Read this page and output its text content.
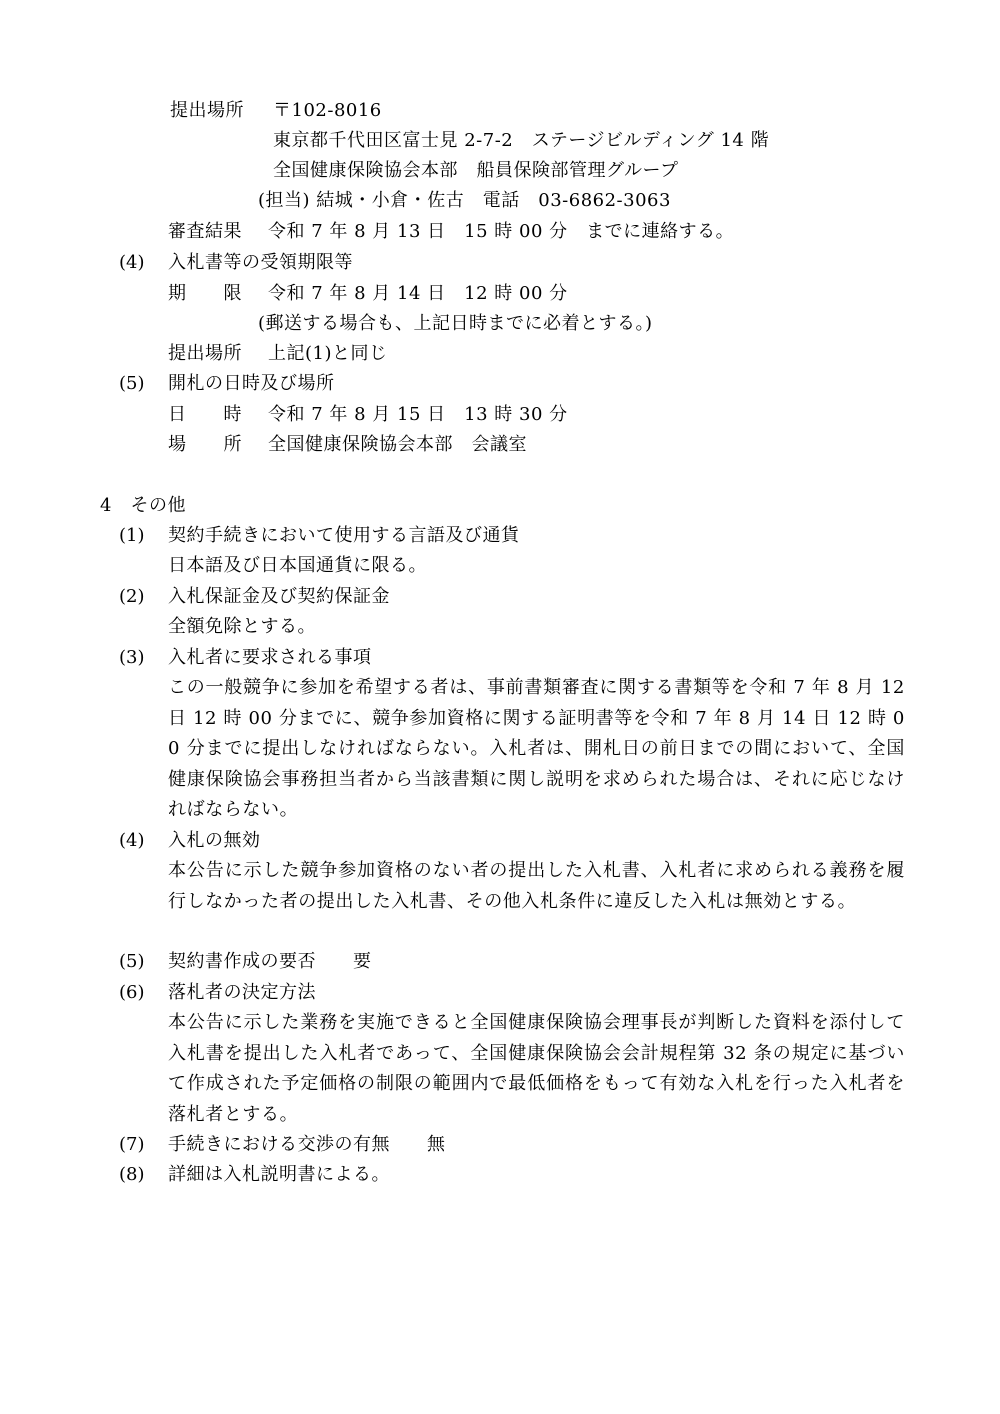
提出場所 〒102-8016
東京都千代田区富士見 2-7-2　ステージビルディング 14 階
全国健康保険協会本部　船員保険部管理グループ
(担当) 結城・小倉・佐古　電話　03-6862-3063
審査結果 令和 7 年 8 月 13 日　15 時 00 分　までに連絡する。
(4) 入札書等の受領期限等
期　　限 令和 7 年 8 月 14 日　12 時 00 分
(郵送する場合も、上記日時までに必着とする。)
提出場所 上記(1)と同じ
(5) 開札の日時及び場所
日　　時 令和 7 年 8 月 15 日　13 時 30 分
場　　所 全国健康保険協会本部　会議室
4　その他
(1) 契約手続きにおいて使用する言語及び通貨
日本語及び日本国通貨に限る。
(2) 入札保証金及び契約保証金
全額免除とする。
(3) 入札者に要求される事項
この一般競争に参加を希望する者は、事前書類審査に関する書類等を令和 7 年 8 月 12 日 12 時 00 分までに、競争参加資格に関する証明書等を令和 7 年 8 月 14 日 12 時 00 分までに提出しなければならない。入札者は、開札日の前日までの間において、全国健康保険協会事務担当者から当該書類に関し説明を求められた場合は、それに応じなければならない。
(4) 入札の無効
本公告に示した競争参加資格のない者の提出した入札書、入札者に求められる義務を履行しなかった者の提出した入札書、その他入札条件に違反した入札は無効とする。
(5) 契約書作成の要否　　要
(6) 落札者の決定方法
本公告に示した業務を実施できると全国健康保険協会理事長が判断した資料を添付して入札書を提出した入札者であって、全国健康保険協会会計規程第 32 条の規定に基づいて作成された予定価格の制限の範囲内で最低価格をもって有効な入札を行った入札者を落札者とする。
(7) 手続きにおける交渉の有無　　無
(8) 詳細は入札説明書による。
